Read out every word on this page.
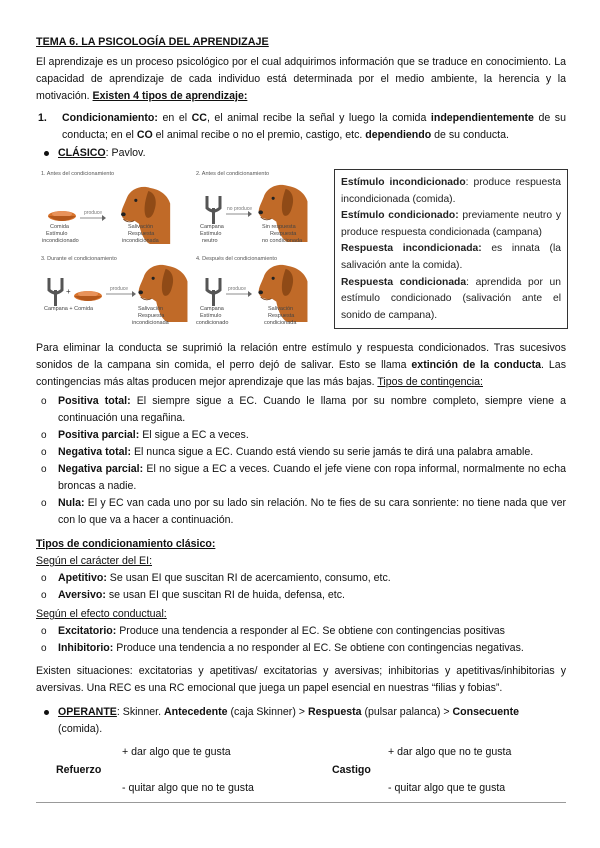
TEMA 6. LA PSICOLOGÍA DEL APRENDIZAJE

El aprendizaje es un proceso psicológico por el cual adquirimos información que se traduce en conocimiento. La capacidad de aprendizaje de cada individuo está determinada por el medio ambiente, la herencia y la motivación. Existen 4 tipos de aprendizaje:

1. Condicionamiento: en el CC, el animal recibe la señal y luego la comida independientemente de su conducta; en el CO el animal recibe o no el premio, castigo, etc. dependiendo de su conducta.
CLÁSICO: Pavlov.
1. Antes del condicionamiento
produce
Comida
Estímulo
incondicionado
Salivación
Respuesta
incondicionada
2. Antes del condicionamiento
no produce
Campana
Estímulo
neutro
Sin respuesta
Respuesta
no condicionada
3. Durante el condicionamiento
+	produce
Campana + Comida	Salivación
Respuesta
incondicionada
4. Después del condicionamiento
produce
Campana
Estímulo
condicionado
Salivación
Respuesta
condicionada

Estímulo incondicionado: produce respuesta incondicionada (comida).

Estímulo condicionado: previamente neutro y produce respuesta condicionada (campana)

Respuesta incondicionada: es innata (la salivación ante la comida).

Respuesta condicionada: aprendida por un estímulo condicionado (salivación ante el sonido de campana).

Para eliminar la conducta se suprimió la relación entre estímulo y respuesta condicionados. Tras sucesivos sonidos de la campana sin comida, el perro dejó de salivar. Esto se llama extinción de la conducta. Las contingencias más altas producen mejor aprendizaje que las más bajas. Tipos de contingencia:

o Positiva total: El siempre sigue a EC. Cuando le llama por su nombre completo, siempre viene a continuación una regañina.
o Positiva parcial: El sigue a EC a veces.
o Negativa total: El nunca sigue a EC. Cuando está viendo su serie jamás te dirá una palabra amable.
o Negativa parcial: El no sigue a EC a veces. Cuando el jefe viene con ropa informal, normalmente no echa broncas a nadie.
o Nula: El y EC van cada uno por su lado sin relación. No te fies de su cara sonriente: no tiene nada que ver con lo que va a hacer a continuación.
Tipos de condicionamiento clásico:
Según el carácter del EI:
o Apetitivo: Se usan EI que suscitan RI de acercamiento, consumo, etc.
o Aversivo: se usan EI que suscitan RI de huida, defensa, etc.
Según el efecto conductual:
o Excitatorio: Produce una tendencia a responder al EC. Se obtiene con contingencias positivas
o Inhibitorio: Produce una tendencia a no responder al EC. Se obtiene con contingencias negativas.

Existen situaciones: excitatorias y apetitivas/ excitatorias y aversivas; inhibitorias y apetitivas/inhibitorias y aversivas. Una REC es una RC emocional que juega un papel esencial en nuestras “filias y fobias”.

OPERANTE: Skinner. Antecedente (caja Skinner) > Respuesta (pulsar palanca) > Consecuente (comida).
+ dar algo que te gusta
Refuerzo
- quitar algo que no te gusta
+ dar algo que no te gusta
Castigo
- quitar algo que te gusta
